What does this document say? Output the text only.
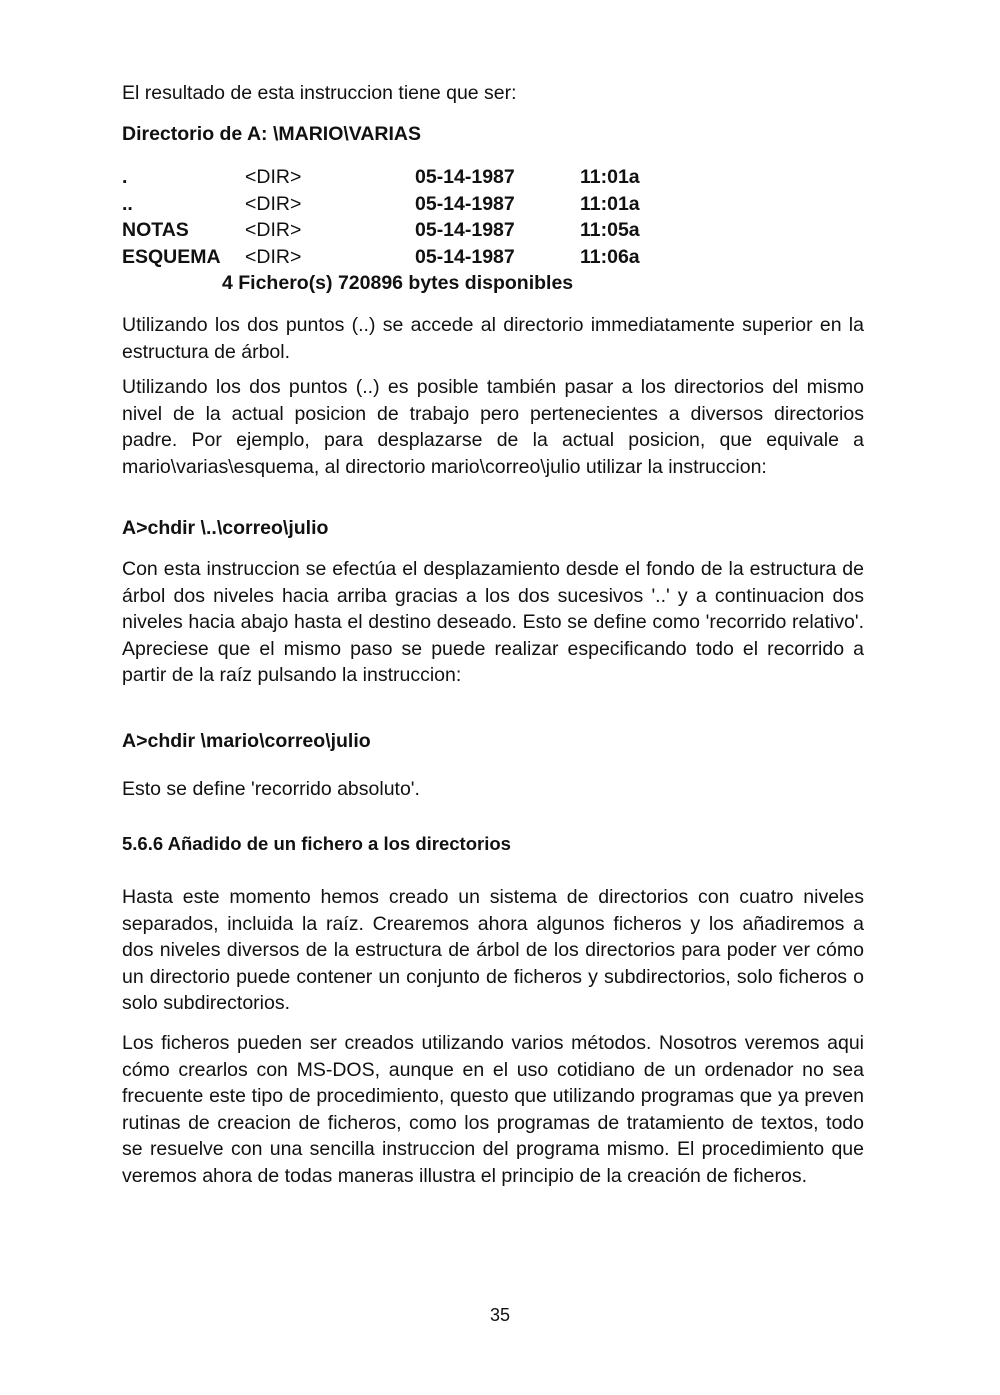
El resultado de esta instruccion tiene que ser:

Directorio de A: \MARIO\VARIAS

.	<DIR>	05-14-1987	11:01a
..	<DIR>	05-14-1987	11:01a
NOTAS	<DIR>	05-14-1987	11:05a
ESQUEMA <DIR>	05-14-1987	11:06a
4 Fichero(s) 720896 bytes disponibles

Utilizando los dos puntos (..) se accede al directorio immediatamente superior en la estructura de árbol.

Utilizando los dos puntos (..) es posible también pasar a los directorios del mismo nivel de la actual posicion de trabajo pero pertenecientes a diversos directorios padre. Por ejemplo, para desplazarse de la actual posicion, que equivale a mario\varias\esquema, al directorio mario\correo\julio utilizar la instruccion:

A>chdir \..\correo\julio

Con esta instruccion se efectúa el desplazamiento desde el fondo de la estructura de árbol dos niveles hacia arriba gracias a los dos sucesivos '..' y a continuacion dos niveles hacia abajo hasta el destino deseado. Esto se define como 'recorrido relativo'. Apreciese que el mismo paso se puede realizar especificando todo el recorrido a partir de la raíz pulsando la instruccion:

A>chdir \mario\correo\julio

Esto se define 'recorrido absoluto'.

5.6.6 Añadido de un fichero a los directorios

Hasta este momento hemos creado un sistema de directorios con cuatro niveles separados, incluida la raíz. Crearemos ahora algunos ficheros y los añadiremos a dos niveles diversos de la estructura de árbol de los directorios para poder ver cómo un directorio puede contener un conjunto de ficheros y subdirectorios, solo ficheros o solo subdirectorios.

Los ficheros pueden ser creados utilizando varios métodos. Nosotros veremos aqui cómo crearlos con MS-DOS, aunque en el uso cotidiano de un ordenador no sea frecuente este tipo de procedimiento, questo que utilizando programas que ya preven rutinas de creacion de ficheros, como los programas de tratamiento de textos, todo se resuelve con una sencilla instruccion del programa mismo. El procedimiento que veremos ahora de todas maneras illustra el principio de la creación de ficheros.

35
